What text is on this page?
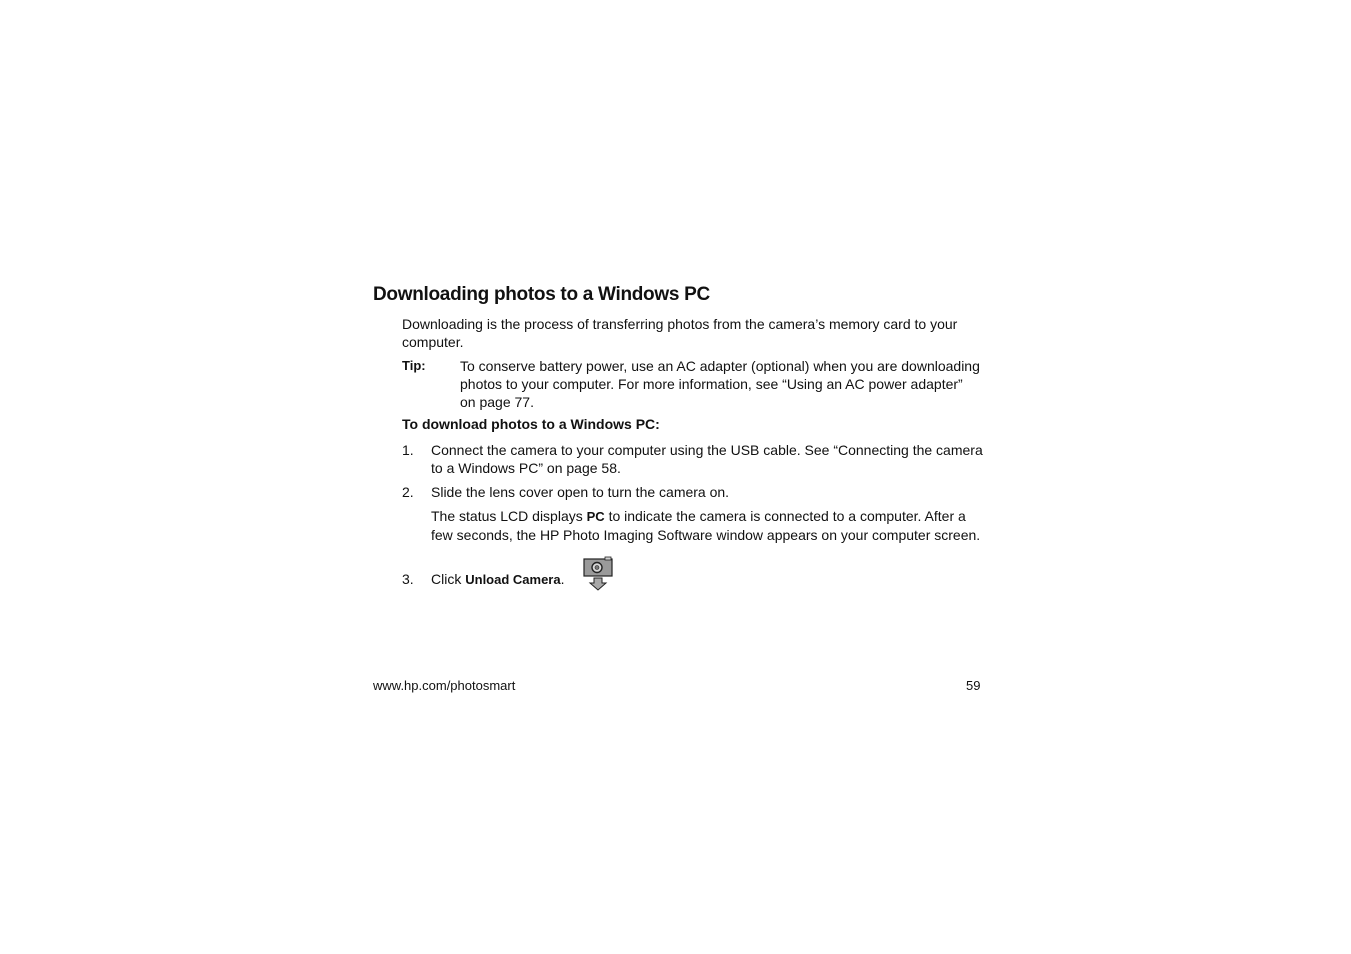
Downloading photos to a Windows PC
Downloading is the process of transferring photos from the camera’s memory card to your computer.
Tip: To conserve battery power, use an AC adapter (optional) when you are downloading photos to your computer. For more information, see “Using an AC power adapter” on page 77.
To download photos to a Windows PC:
1. Connect the camera to your computer using the USB cable. See “Connecting the camera to a Windows PC” on page 58.
2. Slide the lens cover open to turn the camera on.
The status LCD displays PC to indicate the camera is connected to a computer. After a few seconds, the HP Photo Imaging Software window appears on your computer screen.
3. Click Unload Camera.
www.hp.com/photosmart	59
